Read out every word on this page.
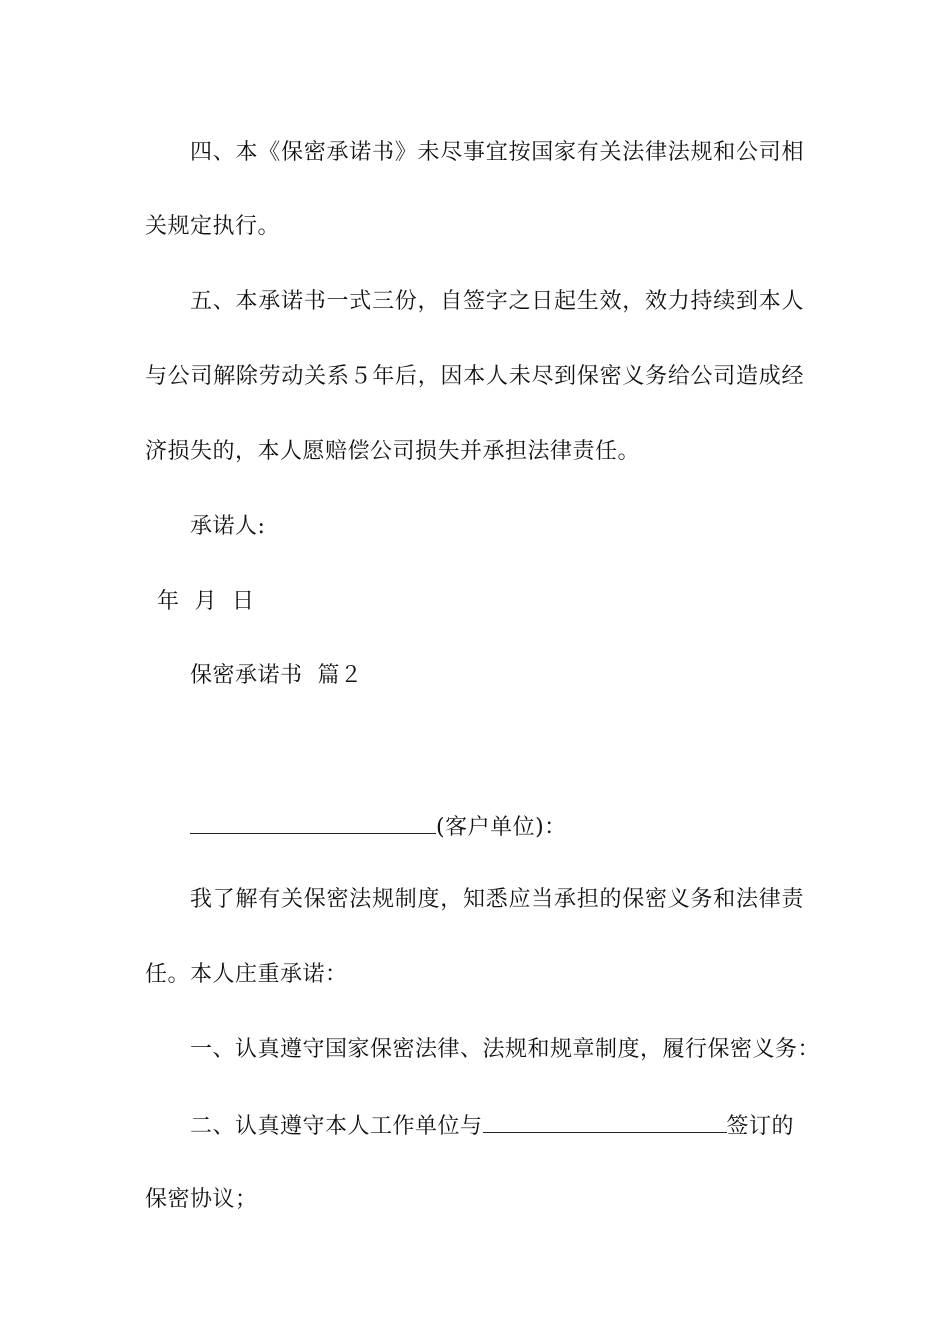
四、本《保密承诺书》未尽事宜按国家有关法律法规和公司相
关规定执行。
五、本承诺书一式三份，自签字之日起生效，效力持续到本人
与公司解除劳动关系５年后，因本人未尽到保密义务给公司造成经
济损失的，本人愿赔偿公司损失并承担法律责任。
承诺人:
年  月  日
保密承诺书  篇２
(客户单位)：
我了解有关保密法规制度，知悉应当承担的保密义务和法律责
任。本人庄重承诺：
一、认真遵守国家保密法律、法规和规章制度，履行保密义务：
二、认真遵守本人工作单位与	签订的
保密协议；
